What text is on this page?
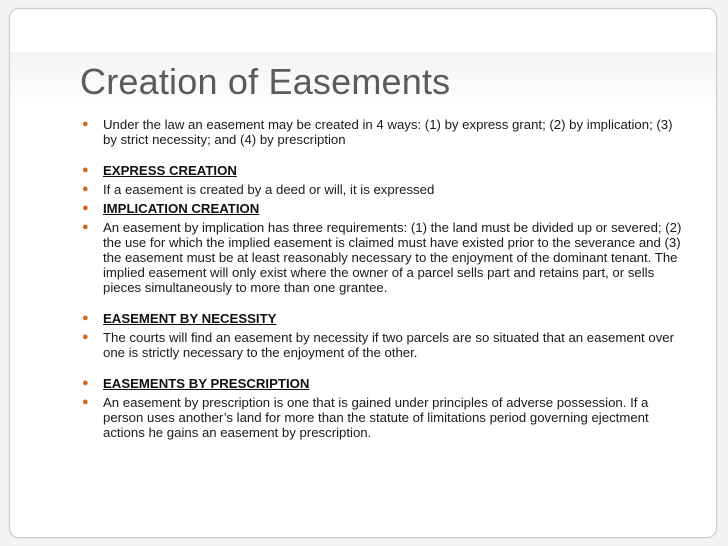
Creation of Easements
● Under the law an easement may be created in 4 ways: (1) by express grant; (2) by implication; (3) by strict necessity; and (4) by prescription
● EXPRESS CREATION
● If a easement is created by a deed or will, it is expressed
● IMPLICATION CREATION
● An easement by implication has three requirements: (1) the land must be divided up or severed; (2) the use for which the implied easement is claimed must have existed prior to the severance and (3) the easement must be at least reasonably necessary to the enjoyment of the dominant tenant. The implied easement will only exist where the owner of a parcel sells part and retains part, or sells pieces simultaneously to more than one grantee.
● EASEMENT BY NECESSITY
● The courts will find an easement by necessity if two parcels are so situated that an easement over one is strictly necessary to the enjoyment of the other.
● EASEMENTS BY PRESCRIPTION
● An easement by prescription is one that is gained under principles of adverse possession. If a person uses another’s land for more than the statute of limitations period governing ejectment actions he gains an easement by prescription.
